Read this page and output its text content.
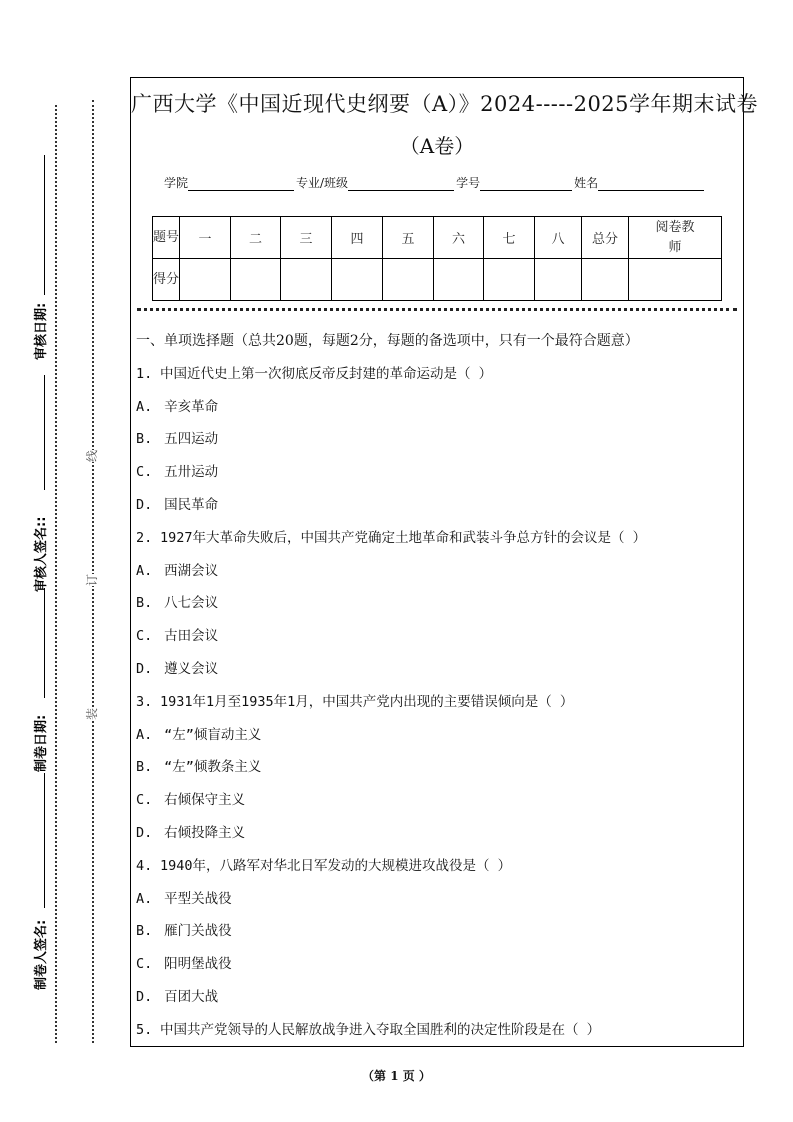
审核日期:
审核人签名::
制卷日期:
制卷人签名:
线
订
装
广西大学《中国近现代史纲要（A）》2024-----2025学年期末试卷
（A卷）
学院	专业/班级	学号	姓名
题号	一	二	三	四	五	六	七	八	总分	阅卷教师
得分										
一、单项选择题（总共20题，每题2分，每题的备选项中，只有一个最符合题意）
1. 中国近代史上第一次彻底反帝反封建的革命运动是（ ）
A. 辛亥革命
B. 五四运动
C. 五卅运动
D. 国民革命
2. 1927年大革命失败后，中国共产党确定土地革命和武装斗争总方针的会议是（ ）
A. 西湖会议
B. 八七会议
C. 古田会议
D. 遵义会议
3. 1931年1月至1935年1月，中国共产党内出现的主要错误倾向是（ ）
A. “左”倾盲动主义
B. “左”倾教条主义
C. 右倾保守主义
D. 右倾投降主义
4. 1940年，八路军对华北日军发动的大规模进攻战役是（ ）
A. 平型关战役
B. 雁门关战役
C. 阳明堡战役
D. 百团大战
5. 中国共产党领导的人民解放战争进入夺取全国胜利的决定性阶段是在（ ）
（第 1 页 ）
